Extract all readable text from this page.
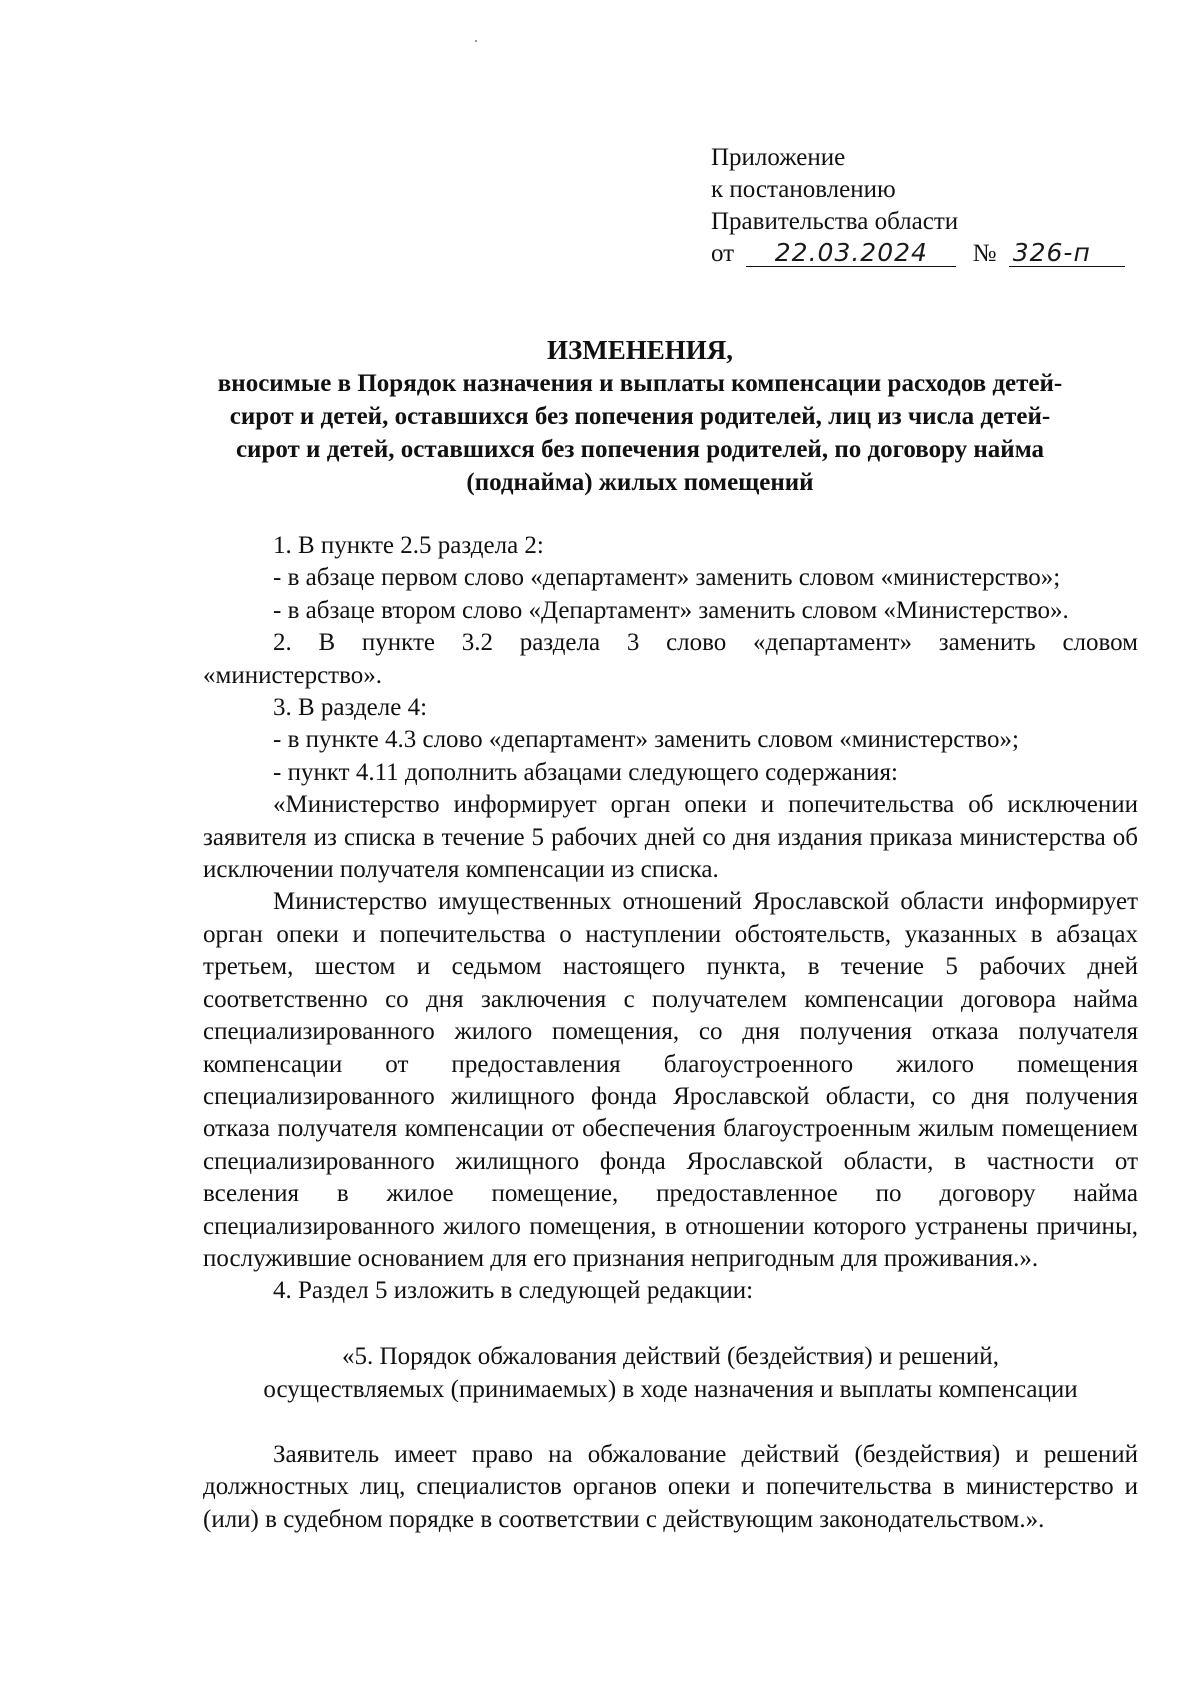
Приложение
к постановлению
Правительства области
от 22.03.2024 № 326-п
ИЗМЕНЕНИЯ,
вносимые в Порядок назначения и выплаты компенсации расходов детей-сирот и детей, оставшихся без попечения родителей, лиц из числа детей-сирот и детей, оставшихся без попечения родителей, по договору найма (поднайма) жилых помещений

1. В пункте 2.5 раздела 2:

- в абзаце первом слово «департамент» заменить словом «министерство»;

- в абзаце втором слово «Департамент» заменить словом «Министерство».

2. В пункте 3.2 раздела 3 слово «департамент» заменить словом «министерство».

3. В разделе 4:

- в пункте 4.3 слово «департамент» заменить словом «министерство»;

- пункт 4.11 дополнить абзацами следующего содержания:

«Министерство информирует орган опеки и попечительства об исключении заявителя из списка в течение 5 рабочих дней со дня издания приказа министерства об исключении получателя компенсации из списка.

Министерство имущественных отношений Ярославской области информирует орган опеки и попечительства о наступлении обстоятельств, указанных в абзацах третьем, шестом и седьмом настоящего пункта, в течение 5 рабочих дней соответственно со дня заключения с получателем компенсации договора найма специализированного жилого помещения, со дня получения отказа получателя компенсации от предоставления благоустроенного жилого помещения специализированного жилищного фонда Ярославской области, со дня получения отказа получателя компенсации от обеспечения благоустроенным жилым помещением специализированного жилищного фонда Ярославской области, в частности от вселения в жилое помещение, предоставленное по договору найма специализированного жилого помещения, в отношении которого устранены причины, послужившие основанием для его признания непригодным для проживания.».

4. Раздел 5 изложить в следующей редакции:

«5. Порядок обжалования действий (бездействия) и решений,
осуществляемых (принимаемых) в ходе назначения и выплаты компенсации

Заявитель имеет право на обжалование действий (бездействия) и решений должностных лиц, специалистов органов опеки и попечительства в министерство и (или) в судебном порядке в соответствии с действующим законодательством.».
